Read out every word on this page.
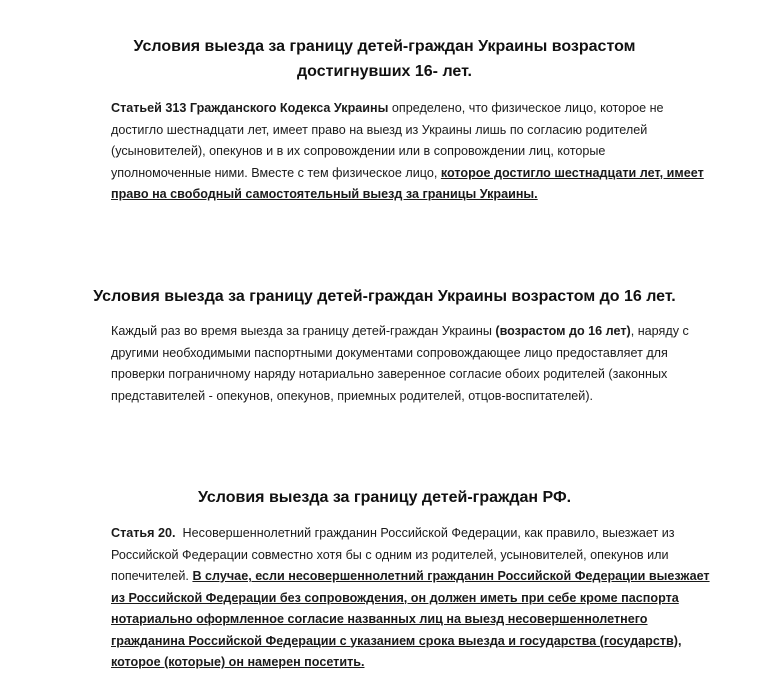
Условия выезда за границу детей-граждан Украины возрастом
достигнувших 16- лет.
Статьей 313 Гражданского Кодекса Украины определено, что физическое лицо, которое не
достигло шестнадцати лет, имеет право на выезд из Украины лишь по согласию родителей
(усыновителей), опекунов и в их сопровождении или в сопровождении лиц, которые
уполномоченные ними. Вместе с тем физическое лицо, которое достигло шестнадцати лет, имеет
право на свободный самостоятельный выезд за границы Украины.
Условия выезда за границу детей-граждан Украины возрастом до 16 лет.
Каждый раз во время выезда за границу детей-граждан Украины (возрастом до 16 лет), наряду с
другими необходимыми паспортными документами сопровождающее лицо предоставляет для
проверки пограничному наряду нотариально заверенное согласие обоих родителей (законных
представителей - опекунов, опекунов, приемных родителей, отцов-воспитателей).
Условия выезда за границу детей-граждан РФ.
Статья 20.  Несовершеннолетний гражданин Российской Федерации, как правило, выезжает из
Российской Федерации совместно хотя бы с одним из родителей, усыновителей, опекунов или
попечителей. В случае, если несовершеннолетний гражданин Российской Федерации выезжает
из Российской Федерации без сопровождения, он должен иметь при себе кроме паспорта
нотариально оформленное согласие названных лиц на выезд несовершеннолетнего
гражданина Российской Федерации с указанием срока выезда и государства (государств),
которое (которые) он намерен посетить.
